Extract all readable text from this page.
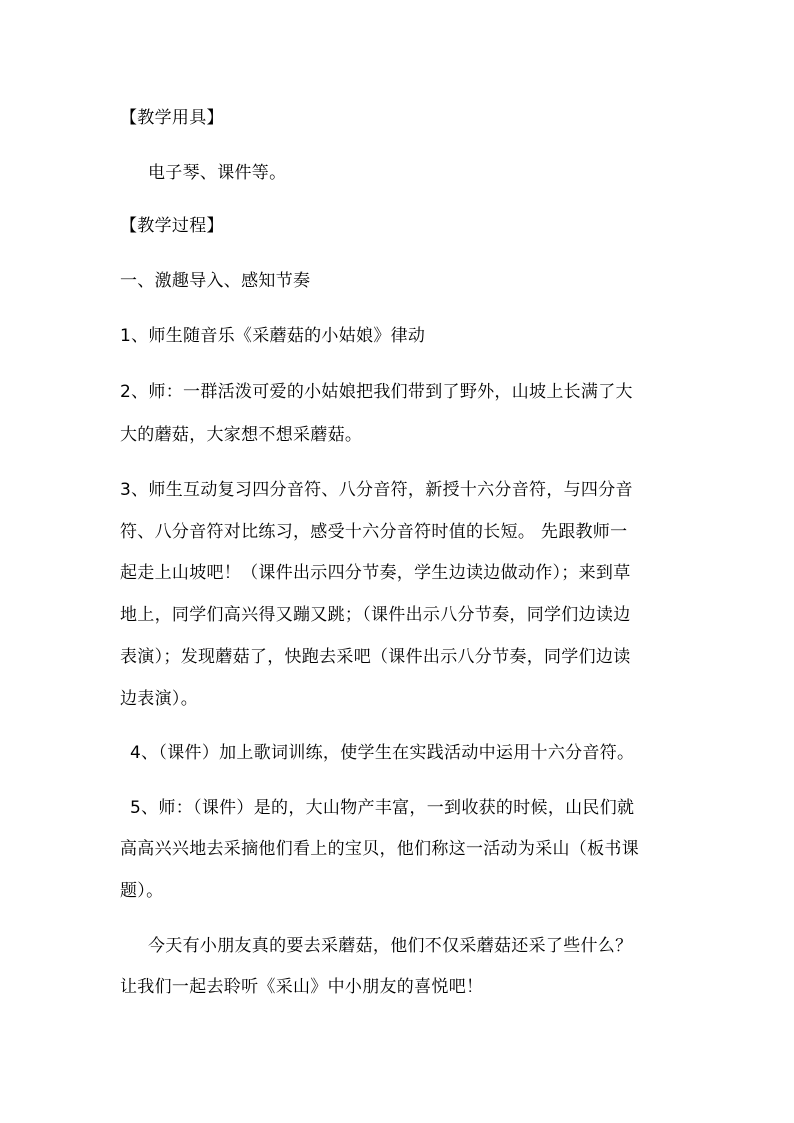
【教学用具】
电子琴、课件等。
【教学过程】
一、激趣导入、感知节奏
1、师生随音乐《采蘑菇的小姑娘》律动
2、师：一群活泼可爱的小姑娘把我们带到了野外，山坡上长满了大
大的蘑菇，大家想不想采蘑菇。
3、师生互动复习四分音符、八分音符，新授十六分音符，与四分音
符、八分音符对比练习，感受十六分音符时值的长短。 先跟教师一
起走上山坡吧！（课件出示四分节奏，学生边读边做动作）；来到草
地上，同学们高兴得又蹦又跳；（课件出示八分节奏，同学们边读边
表演）；发现蘑菇了，快跑去采吧（课件出示八分节奏，同学们边读
边表演）。
4、（课件）加上歌词训练，使学生在实践活动中运用十六分音符。
5、师：（课件）是的，大山物产丰富，一到收获的时候，山民们就
高高兴兴地去采摘他们看上的宝贝，他们称这一活动为采山（板书课
题）。
今天有小朋友真的要去采蘑菇，他们不仅采蘑菇还采了些什么？
让我们一起去聆听《采山》中小朋友的喜悦吧！
